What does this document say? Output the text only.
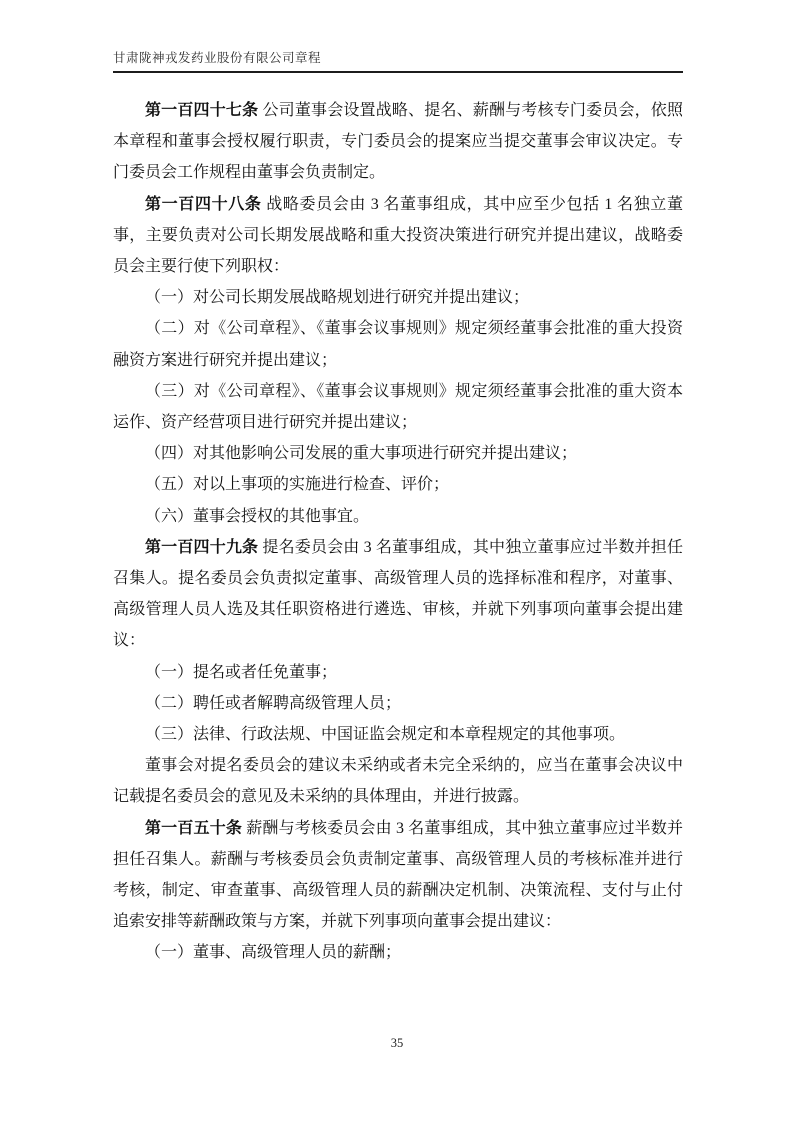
甘肃陇神戎发药业股份有限公司章程

第一百四十七条 公司董事会设置战略、提名、薪酬与考核专门委员会，依照本章程和董事会授权履行职责，专门委员会的提案应当提交董事会审议决定。专门委员会工作规程由董事会负责制定。

第一百四十八条 战略委员会由 3 名董事组成，其中应至少包括 1 名独立董事，主要负责对公司长期发展战略和重大投资决策进行研究并提出建议，战略委员会主要行使下列职权：

（一）对公司长期发展战略规划进行研究并提出建议；

（二）对《公司章程》、《董事会议事规则》规定须经董事会批准的重大投资融资方案进行研究并提出建议；

（三）对《公司章程》、《董事会议事规则》规定须经董事会批准的重大资本运作、资产经营项目进行研究并提出建议；

（四）对其他影响公司发展的重大事项进行研究并提出建议；

（五）对以上事项的实施进行检查、评价；

（六）董事会授权的其他事宜。

第一百四十九条 提名委员会由 3 名董事组成，其中独立董事应过半数并担任召集人。提名委员会负责拟定董事、高级管理人员的选择标准和程序，对董事、高级管理人员人选及其任职资格进行遴选、审核，并就下列事项向董事会提出建议：

（一）提名或者任免董事；

（二）聘任或者解聘高级管理人员；

（三）法律、行政法规、中国证监会规定和本章程规定的其他事项。

董事会对提名委员会的建议未采纳或者未完全采纳的，应当在董事会决议中记载提名委员会的意见及未采纳的具体理由，并进行披露。

第一百五十条 薪酬与考核委员会由 3 名董事组成，其中独立董事应过半数并担任召集人。薪酬与考核委员会负责制定董事、高级管理人员的考核标准并进行考核，制定、审查董事、高级管理人员的薪酬决定机制、决策流程、支付与止付追索安排等薪酬政策与方案，并就下列事项向董事会提出建议：

（一）董事、高级管理人员的薪酬；

35
